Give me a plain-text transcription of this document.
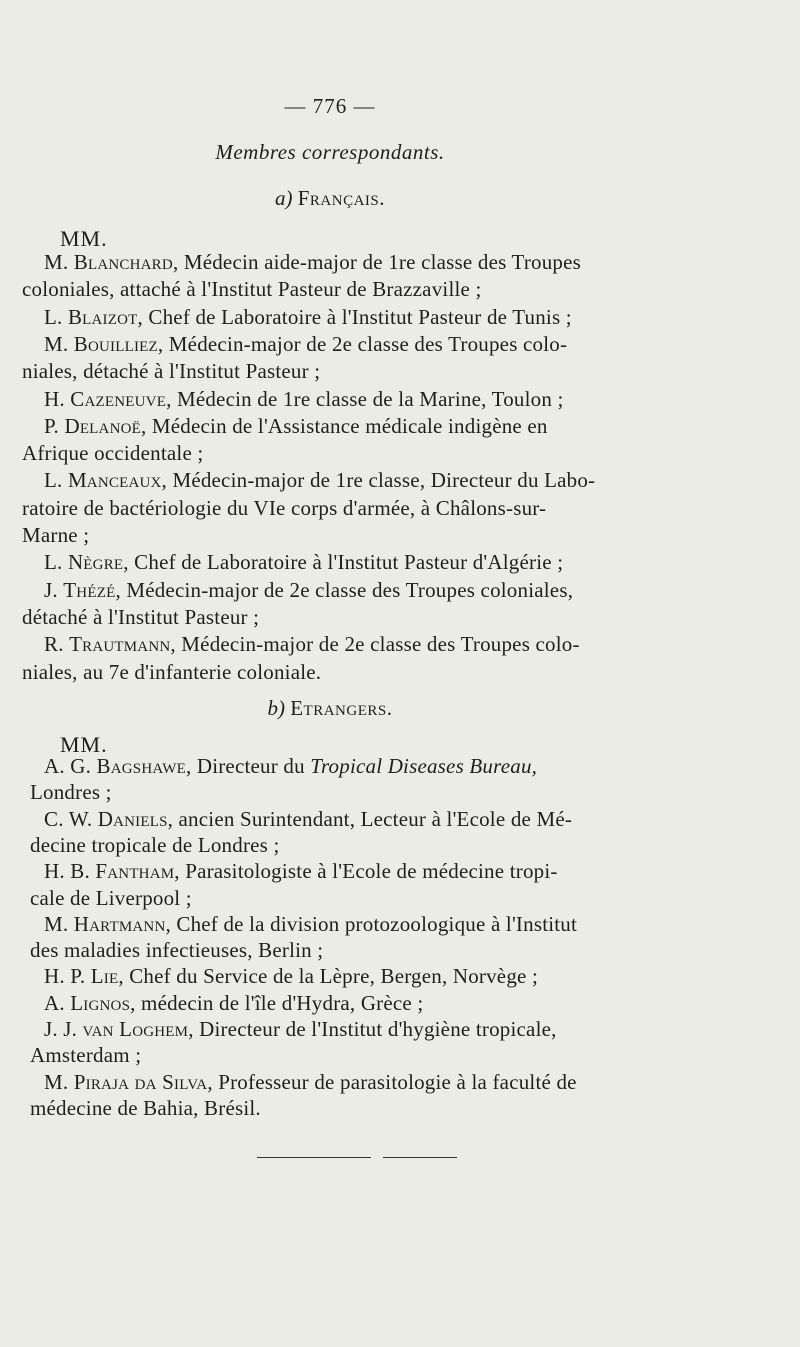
— 776 —
Membres correspondants.
a) Français.
MM.
M. Blanchard, Médecin aide-major de 1re classe des Troupes
coloniales, attaché à l'Institut Pasteur de Brazzaville ;
L. Blaizot, Chef de Laboratoire à l'Institut Pasteur de Tunis ;
M. Bouilliez, Médecin-major de 2e classe des Troupes colo-
niales, détaché à l'Institut Pasteur ;
H. Cazeneuve, Médecin de 1re classe de la Marine, Toulon ;
P. Delanoë, Médecin de l'Assistance médicale indigène en
Afrique occidentale ;
L. Manceaux, Médecin-major de 1re classe, Directeur du Labo-
ratoire de bactériologie du VIe corps d'armée, à Châlons-sur-
Marne ;
L. Nègre, Chef de Laboratoire à l'Institut Pasteur d'Algérie ;
J. Thézé, Médecin-major de 2e classe des Troupes coloniales,
détaché à l'Institut Pasteur ;
R. Trautmann, Médecin-major de 2e classe des Troupes colo-
niales, au 7e d'infanterie coloniale.
b) Etrangers.
MM.
A. G. Bagshawe, Directeur du Tropical Diseases Bureau,
Londres ;
C. W. Daniels, ancien Surintendant, Lecteur à l'Ecole de Mé-
decine tropicale de Londres ;
H. B. Fantham, Parasitologiste à l'Ecole de médecine tropi-
cale de Liverpool ;
M. Hartmann, Chef de la division protozoologique à l'Institut
des maladies infectieuses, Berlin ;
H. P. Lie, Chef du Service de la Lèpre, Bergen, Norvège ;
A. Lignos, médecin de l'île d'Hydra, Grèce ;
J. J. van Loghem, Directeur de l'Institut d'hygiène tropicale,
Amsterdam ;
M. Piraja da Silva, Professeur de parasitologie à la faculté de
médecine de Bahia, Brésil.
